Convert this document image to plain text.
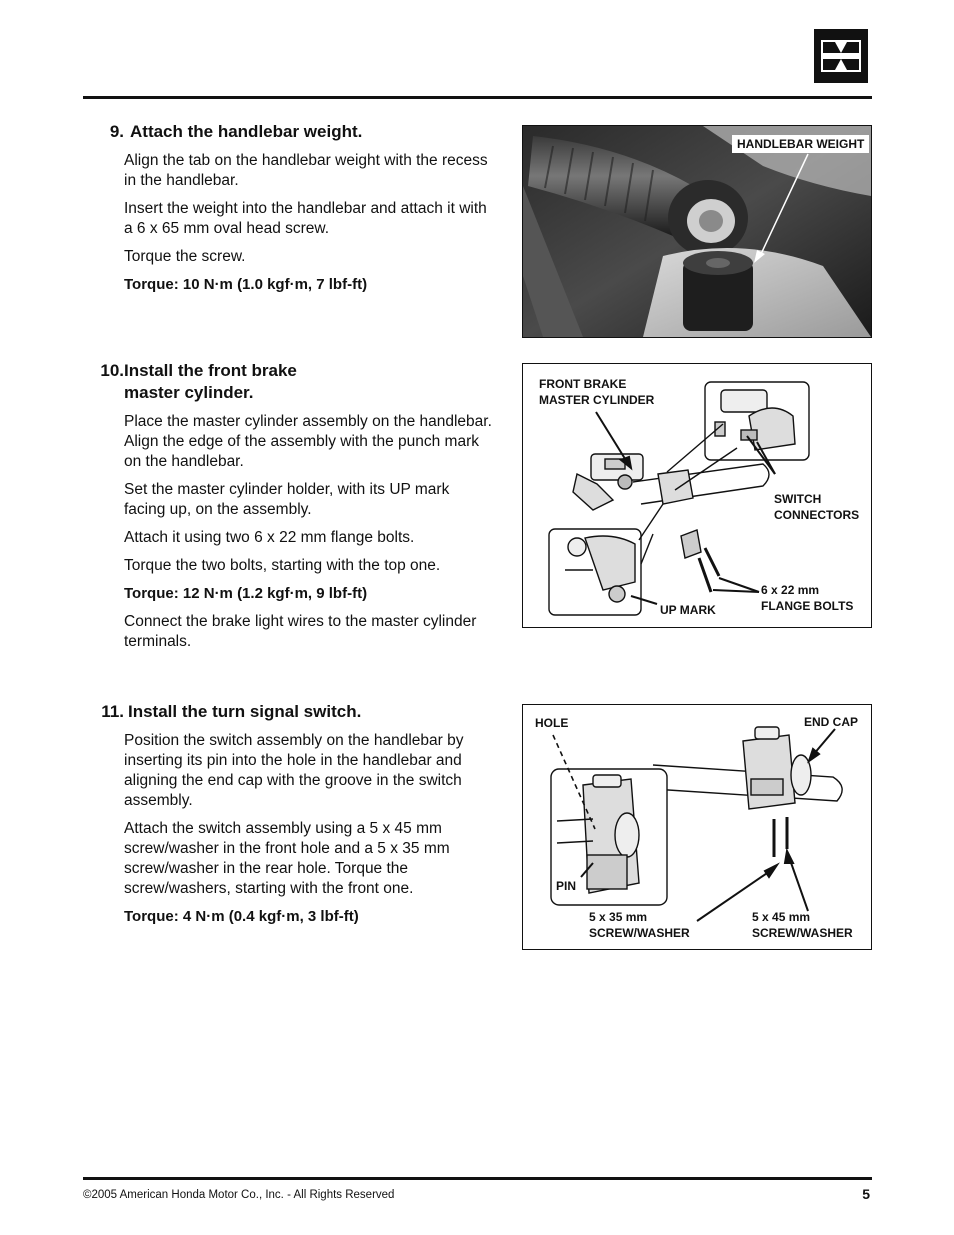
9. Attach the handlebar weight.
Align the tab on the handlebar weight with the recess in the handlebar.
Insert the weight into the handlebar and attach it with a 6 x 65 mm oval head screw.
Torque the screw.
Torque: 10 N·m (1.0 kgf·m, 7 lbf-ft)
10. Install the front brake
master cylinder.
Place the master cylinder assembly on the handlebar. Align the edge of the assembly with the punch mark on the handlebar.
Set the master cylinder holder, with its UP mark facing up, on the assembly.
Attach it using two 6 x 22 mm flange bolts.
Torque the two bolts, starting with the top one.
Torque: 12 N·m (1.2 kgf·m, 9 lbf-ft)
Connect the brake light wires to the master cylinder terminals.
11. Install the turn signal switch.
Position the switch assembly on the handlebar by inserting its pin into the hole in the handlebar and aligning the end cap with the groove in the switch assembly.
Attach the switch assembly using a 5 x 45 mm screw/washer in the front hole and a 5 x 35 mm screw/washer in the rear hole. Torque the screw/washers, starting with the front one.
Torque: 4 N·m (0.4 kgf·m, 3 lbf-ft)
HANDLEBAR WEIGHT
FRONT BRAKE
MASTER CYLINDER
SWITCH
CONNECTORS
6 x 22 mm
FLANGE BOLTS
UP MARK
HOLE	END CAP
PIN
5 x 35 mm
SCREW/WASHER
5 x 45 mm
SCREW/WASHER
©2005 American Honda Motor Co., Inc. - All Rights Reserved	5
